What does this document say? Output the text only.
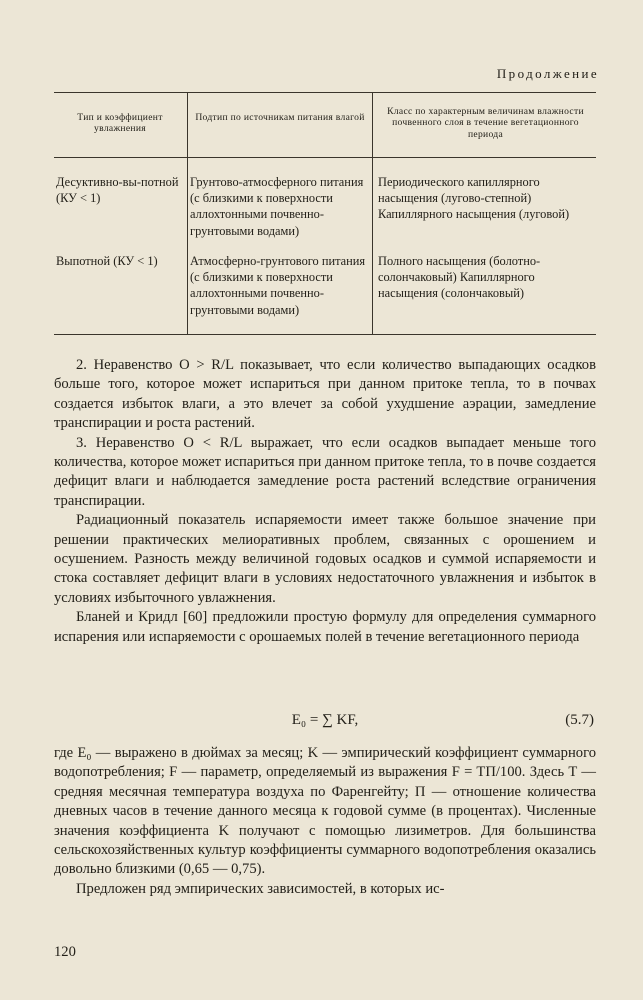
Продолжение
Тип и коэффициент увлажнения
Подтип по источникам питания влагой
Класс по характерным величинам влажности почвенного слоя в течение вегетационного периода
Десуктивно-вы-потной (КУ < 1)
Грунтово-атмосферного питания (с близкими к поверхности аллохтонными почвенно-грунтовыми водами)
Периодического капиллярного насыщения (лугово-степной) Капиллярного насыщения (луговой)
Выпотной (КУ < 1)	Атмосферно-грунтового питания (с близкими к поверхности аллохтонными почвенно-грунтовыми водами)
Полного насыщения (болотно-солончаковый) Капиллярного насыщения (солончаковый)

2. Неравенство O > R/L показывает, что если количество выпадающих осадков больше того, которое может испариться при данном притоке тепла, то в почвах создается избыток влаги, а это влечет за собой ухудшение аэрации, замедление транспирации и роста растений.

3. Неравенство O < R/L выражает, что если осадков выпадает меньше того количества, которое может испариться при данном притоке тепла, то в почве создается дефицит влаги и наблюдается замедление роста растений вследствие ограничения транспирации.

Радиационный показатель испаряемости имеет также большое значение при решении практических мелиоративных проблем, связанных с орошением и осушением. Разность между величиной годовых осадков и суммой испаряемости и стока составляет дефицит влаги в условиях недостаточного увлажнения и избыток в условиях избыточного увлажнения.

Бланей и Кридл [60] предложили простую формулу для определения суммарного испарения или испаряемости с орошаемых полей в течение вегетационного периода

E₀ = ∑ KF,	(5.7)

где E₀ — выражено в дюймах за месяц; K — эмпирический коэффициент суммарного водопотребления; F — параметр, определяемый из выражения F = TП/100. Здесь T — средняя месячная температура воздуха по Фаренгейту; П — отношение количества дневных часов в течение данного месяца к годовой сумме (в процентах). Численные значения коэффициента K получают с помощью лизиметров. Для большинства сельскохозяйственных культур коэффициенты суммарного водопотребления оказались довольно близкими (0,65 — 0,75).

Предложен ряд эмпирических зависимостей, в которых ис-

120
